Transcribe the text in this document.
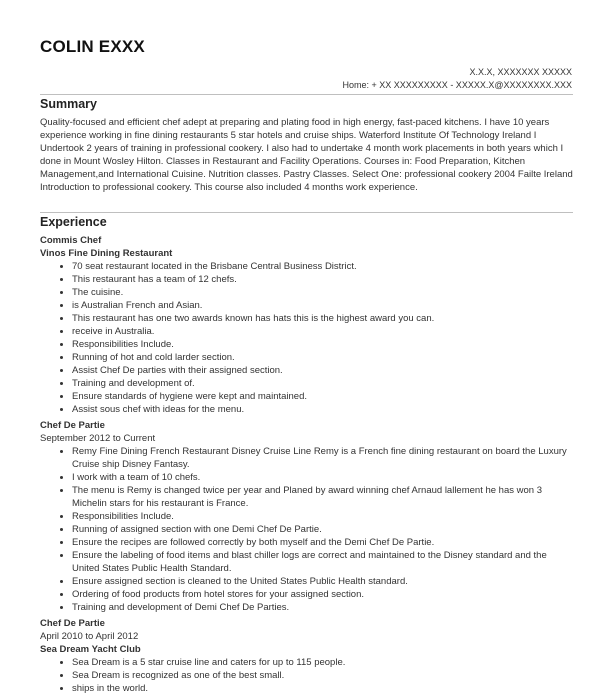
COLIN EXXX
X.X.X, XXXXXXX XXXXX
Home: + XX XXXXXXXXX - XXXXX.X@XXXXXXXX.XXX
Summary
Quality-focused and efficient chef adept at preparing and plating food in high energy, fast-paced kitchens. I have 10 years experience working in fine dining restaurants 5 star hotels and cruise ships. Waterford Institute Of Technology Ireland I Undertook 2 years of training in professional cookery. I also had to undertake 4 month work placements in both years which I done in Mount Wosley Hilton. Classes in Restaurant and Facility Operations. Courses in: Food Preparation, Kitchen Management,and International Cuisine. Nutrition classes. Pastry Classes. Select One: professional cookery 2004 Failte Ireland Introduction to professional cookery. This course also included 4 months work experience.
Experience
Commis Chef
Vinos Fine Dining Restaurant
• 70 seat restaurant located in the Brisbane Central Business District.
• This restaurant has a team of 12 chefs.
• The cuisine.
• is Australian French and Asian.
• This restaurant has one two awards known has hats this is the highest award you can.
• receive in Australia.
• Responsibilities Include.
• Running of hot and cold larder section.
• Assist Chef De parties with their assigned section.
• Training and development of.
• Ensure standards of hygiene were kept and maintained.
• Assist sous chef with ideas for the menu.
Chef De Partie
September 2012 to Current
• Remy Fine Dining French Restaurant Disney Cruise Line Remy is a French fine dining restaurant on board the Luxury Cruise ship Disney Fantasy.
• I work with a team of 10 chefs.
• The menu is Remy is changed twice per year and Planed by award winning chef Arnaud lallement he has won 3 Michelin stars for his restaurant is France.
• Responsibilities Include.
• Running of assigned section with one Demi Chef De Partie.
• Ensure the recipes are followed correctly by both myself and the Demi Chef De Partie.
• Ensure the labeling of food items and blast chiller logs are correct and maintained to the Disney standard and the United States Public Health Standard.
• Ensure assigned section is cleaned to the United States Public Health standard.
• Ordering of food products from hotel stores for your assigned section.
• Training and development of Demi Chef De Parties.
Chef De Partie
April 2010 to April 2012
Sea Dream Yacht Club
• Sea Dream is a 5 star cruise line and caters for up to 115 people.
• Sea Dream is recognized as one of the best small.
• ships in the world.
